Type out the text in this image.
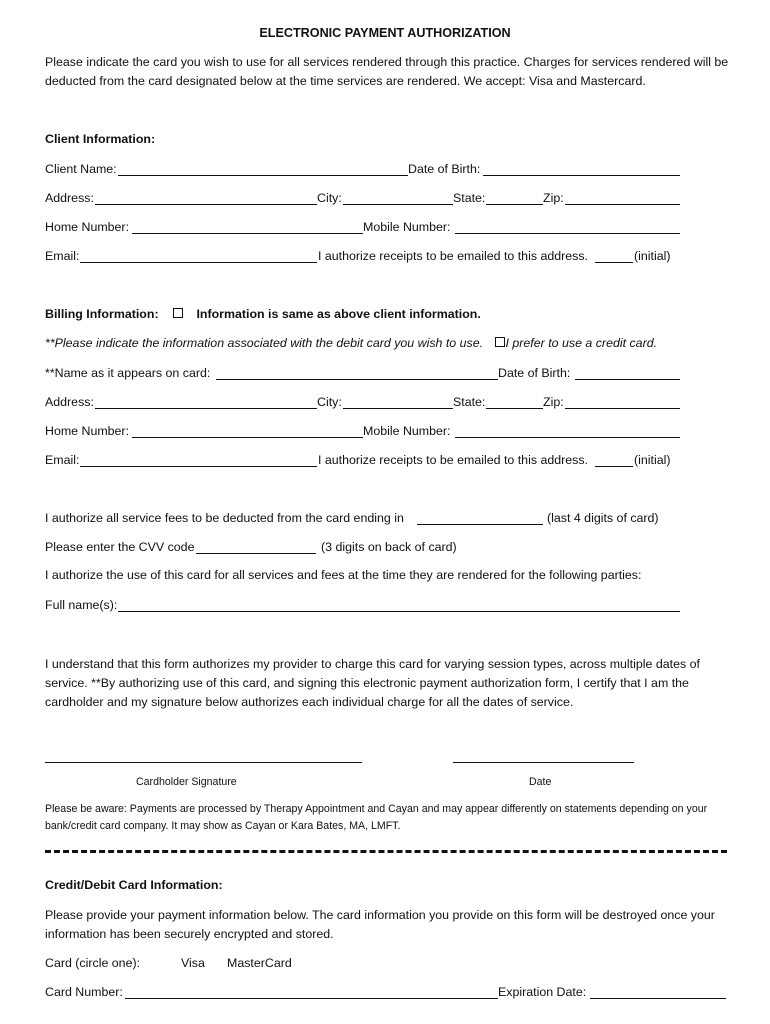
ELECTRONIC PAYMENT AUTHORIZATION
Please indicate the card you wish to use for all services rendered through this practice. Charges for services rendered will be deducted from the card designated below at the time services are rendered. We accept: Visa and Mastercard.
Client Information:
Client Name:	Date of Birth:
Address:	City:	State:	Zip:
Home Number:	Mobile Number:
Email:	I authorize receipts to be emailed to this address.	(initial)
Billing Information:	Information is same as above client information.
**Please indicate the information associated with the debit card you wish to use. I prefer to use a credit card.
**Name as it appears on card:	Date of Birth:
Address:	City:	State:	Zip:
Home Number:	Mobile Number:
Email:	I authorize receipts to be emailed to this address.	(initial)
I authorize all service fees to be deducted from the card ending in	(last 4 digits of card)
Please enter the CVV code	(3 digits on back of card)
I authorize the use of this card for all services and fees at the time they are rendered for the following parties:
Full name(s):
I understand that this form authorizes my provider to charge this card for varying session types, across multiple dates of service. **By authorizing use of this card, and signing this electronic payment authorization form, I certify that I am the cardholder and my signature below authorizes each individual charge for all the dates of service.
Cardholder Signature	Date
Please be aware: Payments are processed by Therapy Appointment and Cayan and may appear differently on statements depending on your bank/credit card company. It may show as Cayan or Kara Bates, MA, LMFT.
Credit/Debit Card Information:
Please provide your payment information below. The card information you provide on this form will be destroyed once your information has been securely encrypted and stored.
Card (circle one):	Visa MasterCard
Card Number:	Expiration Date:
